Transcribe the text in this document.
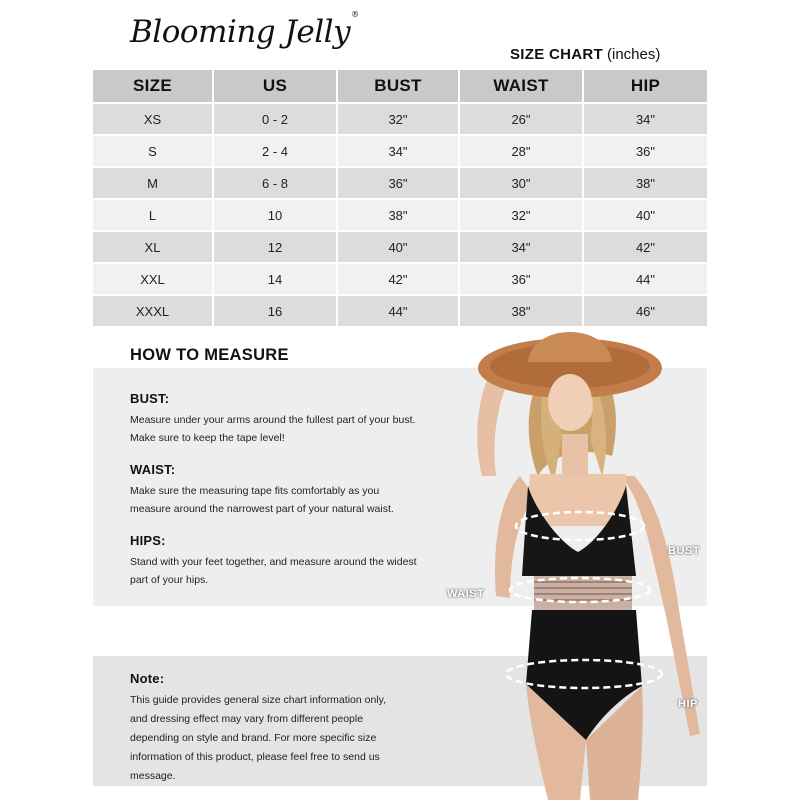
Blooming Jelly®
SIZE CHART (inches)
SIZE	US	BUST	WAIST	HIP
XS	0 - 2	32"	26"	34"
S	2 - 4	34"	28"	36"
M	6 - 8	36"	30"	38"
L	10	38"	32"	40"
XL	12	40"	34"	42"
XXL	14	42"	36"	44"
XXXL	16	44"	38"	46"
HOW TO MEASURE
BUST:

Measure under your arms around the fullest part of your bust.

Make sure to keep the tape level!

WAIST:

Make sure the measuring tape fits comfortably as you

measure around the narrowest part of your natural waist.

HIPS:

Stand with your feet together, and measure around the widest

part of your hips.

Note:

This guide provides general size chart information only,

and dressing effect may vary from different people

depending on style and brand. For more specific size

information of this product, please feel free to send us

message.

BUST
WAIST
HIP
